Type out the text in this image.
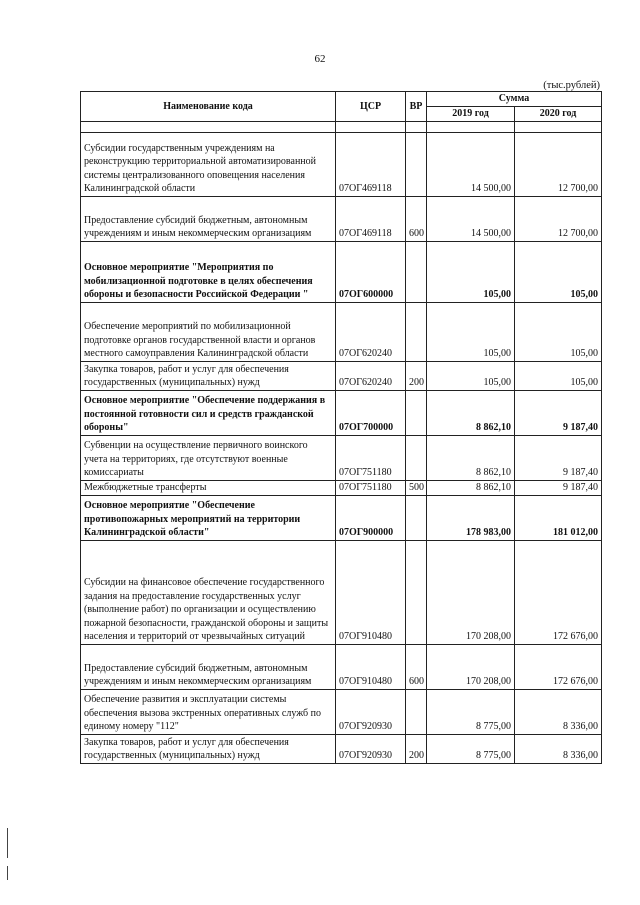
62
(тыс.рублей)
Наименование кода	ЦСР	ВР	Сумма	
			2019 год	2020 год

Субсидии государственным учреждениям на реконструкцию территориальной автоматизированной системы централизованного оповещения населения Калининградской области	07ОГ469118		14 500,00	12 700,00
Предоставление субсидий бюджетным, автономным учреждениям и иным некоммерческим организациям	07ОГ469118	600	14 500,00	12 700,00
Основное мероприятие "Мероприятия по мобилизационной подготовке в целях обеспечения обороны и безопасности Российской Федерации "	07ОГ600000		105,00	105,00
Обеспечение мероприятий по мобилизационной подготовке органов государственной власти и органов местного самоуправления Калининградской области	07ОГ620240		105,00	105,00
Закупка товаров, работ и услуг для обеспечения государственных (муниципальных) нужд	07ОГ620240	200	105,00	105,00
Основное мероприятие "Обеспечение поддержания в постоянной готовности сил и средств гражданской обороны"	07ОГ700000		8 862,10	9 187,40
Субвенции на осуществление первичного воинского учета на территориях, где отсутствуют военные комиссариаты	07ОГ751180		8 862,10	9 187,40
Межбюджетные трансферты	07ОГ751180	500	8 862,10	9 187,40
Основное мероприятие "Обеспечение противопожарных мероприятий на территории Калининградской области"	07ОГ900000		178 983,00	181 012,00
Субсидии на финансовое обеспечение государственного задания на предоставление государственных услуг (выполнение работ) по организации и осуществлению пожарной безопасности, гражданской обороны и защиты населения и территорий от чрезвычайных ситуаций	07ОГ910480		170 208,00	172 676,00
Предоставление субсидий бюджетным, автономным учреждениям и иным некоммерческим организациям	07ОГ910480	600	170 208,00	172 676,00
Обеспечение развития и эксплуатации системы обеспечения вызова экстренных оперативных служб по единому номеру "112"	07ОГ920930		8 775,00	8 336,00
Закупка товаров, работ и услуг для обеспечения государственных (муниципальных) нужд	07ОГ920930	200	8 775,00	8 336,00
